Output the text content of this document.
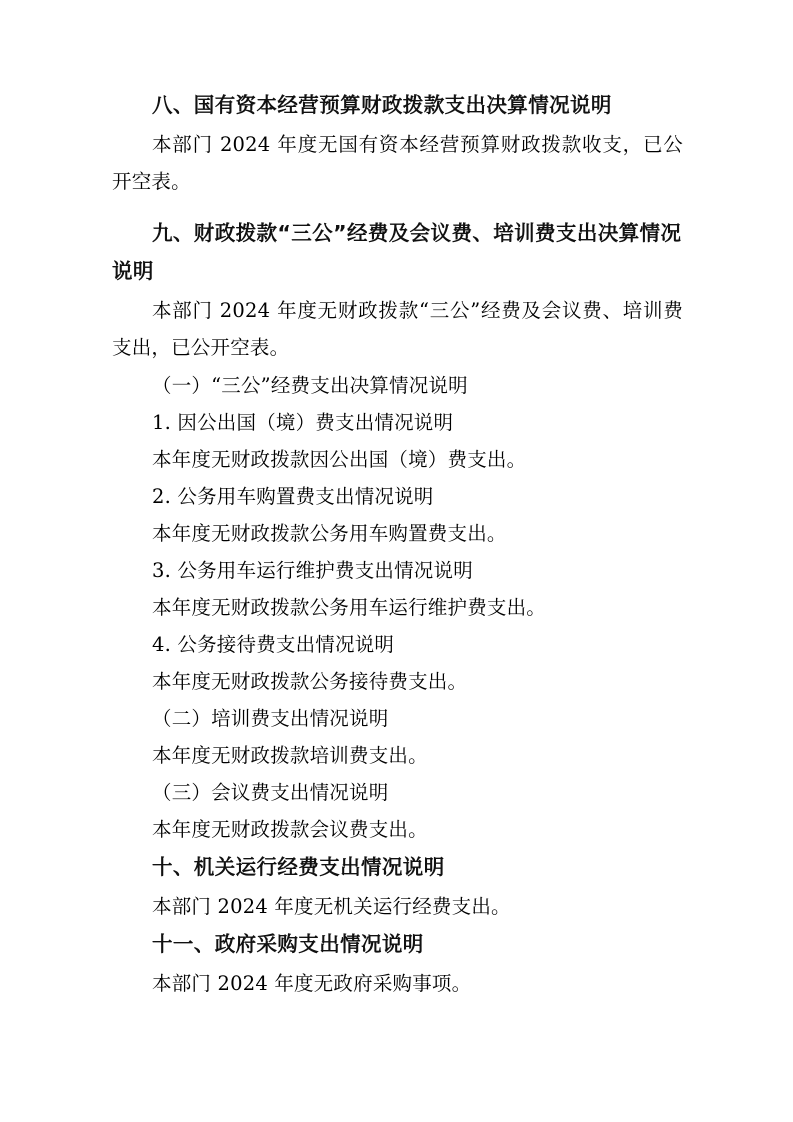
八、国有资本经营预算财政拨款支出决算情况说明

本部门 2024 年度无国有资本经营预算财政拨款收支，已公开空表。

九、财政拨款“三公”经费及会议费、培训费支出决算情况说明

本部门 2024 年度无财政拨款“三公”经费及会议费、培训费支出，已公开空表。

（一）“三公”经费支出决算情况说明

1. 因公出国（境）费支出情况说明

本年度无财政拨款因公出国（境）费支出。

2. 公务用车购置费支出情况说明

本年度无财政拨款公务用车购置费支出。

3. 公务用车运行维护费支出情况说明

本年度无财政拨款公务用车运行维护费支出。

4. 公务接待费支出情况说明

本年度无财政拨款公务接待费支出。

（二）培训费支出情况说明

本年度无财政拨款培训费支出。

（三）会议费支出情况说明

本年度无财政拨款会议费支出。

十、机关运行经费支出情况说明

本部门 2024 年度无机关运行经费支出。

十一、政府采购支出情况说明

本部门 2024 年度无政府采购事项。
